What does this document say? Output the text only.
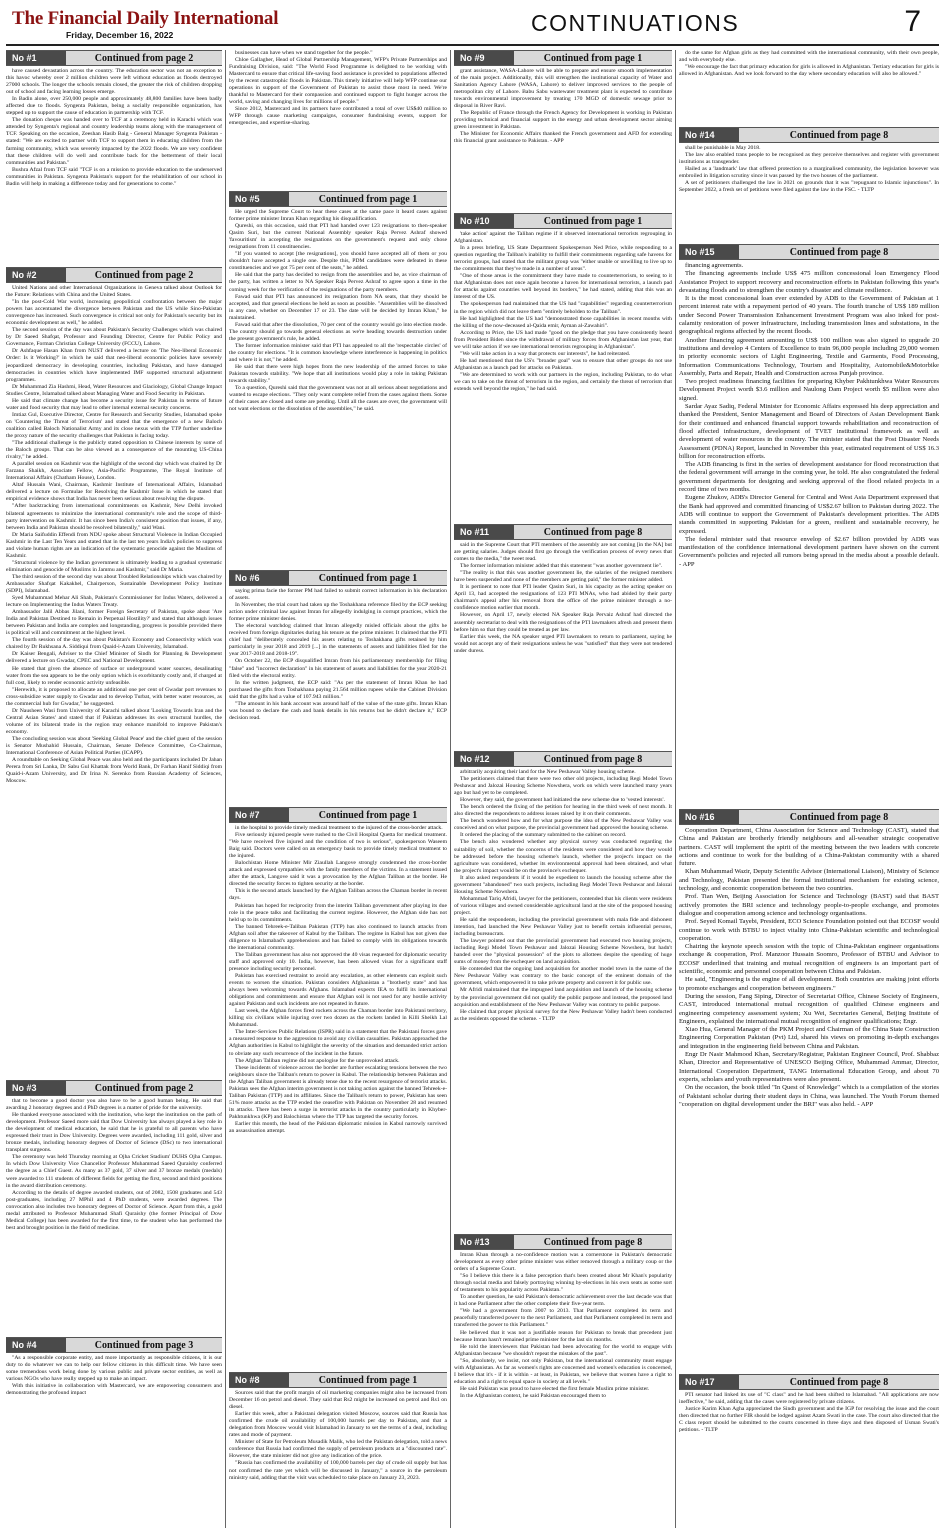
The Financial Daily International
Friday, December 16, 2022	CONTINUATIONS	7
No #1	Continued from page 2

have caused devastation across the country. The education sector was not an exception to this havoc whereby over 2 million children were left without education as floods destroyed 27000 schools. The longer the schools remain closed, the greater the risk of children dropping out of school and facing learning losses emerge.

In Badin alone, over 250,000 people and approximately 48,800 families have been badly affected due to floods. Syngenta Pakistan, being a socially responsible organization, has stepped up to support the cause of education in partnership with TCF.

The donation cheque was handed over to TCF at a ceremony held in Karachi which was attended by Syngenta's regional and country leadership teams along with the management of TCF. Speaking on the occasion, Zeeshan Hasib Baig - General Manager Syngenta Pakistan - stated: "We are excited to partner with TCF to support them in educating children from the farming community, which was severely impacted by the 2022 floods. We are very confident that these children will do well and contribute back for the betterment of their local communities and Pakistan."

Bushra Afzal from TCF said "TCF is on a mission to provide education to the underserved communities in Pakistan. Syngenta Pakistan's support for the rehabilitation of our school in Badin will help in making a difference today and for generations to come."

No #2	Continued from page 2

United Nations and other International Organizations in Geneva talked about Outlook for the Future: Relations with China and the United States.

"In the post-Cold War world, increasing geopolitical confrontation between the major powers has accentuated the divergence between Pakistan and the US while Sino-Pakistan convergence has increased. Such convergence is critical not only for Pakistan's security but its economic development as well," he added.

The second session of the day was about Pakistan's Security Challenges which was chaired by Dr Saeed Shafqat, Professor and Founding Director, Centre for Public Policy and Governance, Forman Christian College University (FCCU), Lahore.

Dr Ashfaque Hasan Khan from NUST delivered a lecture on 'The Neo-liberal Economic Order: Is it Working?' in which he said that neo-liberal economic policies have severely jeopardized democracy in developing countries, including Pakistan, and have damaged democracies in countries which have implemented IMF supported structural adjustment programmes.

Dr Muhammad Zia Hashmi, Head, Water Resources and Glaciology, Global Change Impact Studies Centre, Islamabad talked about Managing Water and Food Security in Pakistan.

He said that climate change has become a security issue for Pakistan in terms of future water and food security that may lead to other internal external security concerns.

Imtiaz Gul, Executive Director, Centre for Research and Security Studies, Islamabad spoke on 'Countering the Threat of Terrorism' and stated that the emergence of a new Baloch coalition called Baloch Nationalist Army and its close nexus with the TTP further underline the proxy nature of the security challenges that Pakistan is facing today.

"The additional challenge is the publicly stated opposition to Chinese interests by some of the Baloch groups. That can be also viewed as a consequence of the mounting US-China rivalry," he added.

A parallel session on Kashmir was the highlight of the second day which was chaired by Dr Farzana Shaikh, Associate Fellow, Asia-Pacific Programme, The Royal Institute of International Affairs (Chatham House), London.

Altaf Hussain Wani, Chairman, Kashmir Institute of International Affairs, Islamabad delivered a lecture on Formulae for Resolving the Kashmir Issue in which he stated that empirical evidence shows that India has never been serious about resolving the dispute.

"After backtracking from international commitments on Kashmir, New Delhi invoked bilateral agreements to minimize the international community's role and the scope of third-party intervention on Kashmir. It has since been India's consistent position that issues, if any, between India and Pakistan should be resolved bilaterally," said Wani.

Dr Maria Saifuddin Effendi from NDU spoke about Structural Violence in Indian Occupied Kashmir in the Last Ten Years and stated that in the last ten years India's policies to suppress and violate human rights are an indication of the systematic genocide against the Muslims of Kashmir.

"Structural violence by the Indian government is ultimately leading to a gradual systematic elimination and genocide of Muslims in Jammu and Kashmir," said Dr Maria.

The third session of the second day was about Troubled Relationships which was chaired by Ambassador Shafqat Kakakhel, Chairperson, Sustainable Development Policy Institute (SDPI), Islamabad.

Syed Muhammad Mehar Ali Shah, Pakistan's Commissioner for Indus Waters, delivered a lecture on Implementing the Indus Waters Treaty.

Ambassador Jalil Abbas Jilani, former Foreign Secretary of Pakistan, spoke about 'Are India and Pakistan Destined to Remain in Perpetual Hostility?' and stated that although issues between Pakistan and India are complex and longstanding, progress is possible provided there is political will and commitment at the highest level.

The fourth session of the day was about Pakistan's Economy and Connectivity which was chaired by Dr Rukhsana A. Siddiqui from Quaid-i-Azam University, Islamabad.

Dr Kaiser Bengali, Adviser to the Chief Minister of Sindh for Planning & Development delivered a lecture on Gwadar, CPEC and National Development.

He stated that given the absence of surface or underground water sources, desalinating water from the sea appears to be the only option which is exorbitantly costly and, if charged at full cost, likely to render economic activity unfeasible.

"Herewith, it is proposed to allocate an additional one per cent of Gwadar port revenues to cross-subsidize water supply to Gwadar and to develop Turbat, with better water resources, as the commercial hub for Gwadar," he suggested.

Dr Nausheen Wasi from University of Karachi talked about 'Looking Towards Iran and the Central Asian States' and stated that if Pakistan addresses its own structural hurdles, the volume of its bilateral trade in the region may enhance manifold to improve Pakistan's economy.

The concluding session was about 'Seeking Global Peace' and the chief guest of the session is Senator Mushahid Hussain, Chairman, Senate Defence Committee, Co-Chairman, International Conference of Asian Political Parties (ICAPP).

A roundtable on Seeking Global Peace was also held and the participants included Dr Jahan Perera from Sri Lanka, Dr Sabu Gul Khattak from World Bank, Dr Farhan Hanif Siddiqi from Quaid-i-Azam University, and Dr Irina N. Serenko from Russian Academy of Sciences, Moscow.

No #3	Continued from page 2

that to become a good doctor you also have to be a good human being. He said that awarding 2 honorary degrees and 4 PhD degrees is a matter of pride for the university.

He thanked everyone associated with the institution, who kept the institution on the path of development. Professor Saeed more said that Dow University has always played a key role in the development of medical education, he said that he is grateful to all parents who have expressed their trust in Dow University. Degrees were awarded, including 111 gold, silver and bronze medals, including honorary degrees of Doctor of Science (DSc) to two international transplant surgeons.

The ceremony was held Thursday morning at Ojha Cricket Stadium' DUHS Ojha Campus. In which Dow University Vice Chancellor Professor Muhammad Saeed Quraishy conferred the degree as a Chief Guest. As many as 37 gold, 37 silver and 37 bronze medals (medals) were awarded to 111 students of different fields for getting the first, second and third positions in the award distribution ceremony.

According to the details of degree awarded students, out of 2082, 1508 graduates and 543 post-graduates, including 27 MPhil and 4 PhD students, were awarded degrees. The convocation also includes two honorary degrees of Doctor of Science. Apart from this, a gold medal attributed to Professor Muhammad Shafi Quraishy (the former Principal of Dow Medical College) has been awarded for the first time, to the student who has performed the best and brought position in the field of medicine.

No #4	Continued from page 3

"As a responsible corporate entity, and more importantly as responsible citizens, it is our duty to do whatever we can to help our fellow citizens in this difficult time. We have seen some tremendous work being done by various public and private sector entities, as well as various NGOs who have really stepped up to make an impact.

With this initiative in collaboration with Mastercard, we are empowering consumers and demonstrating the profound impact

businesses can have when we stand together for the people."

Chloe Gallagher, Head of Global Partnership Management, WFP's Private Partnerships and Fundraising Division, said: "The World Food Programme is delighted to be working with Mastercard to ensure that critical life-saving food assistance is provided to populations affected by the recent catastrophic floods in Pakistan. This timely initiative will help WFP continue our operations in support of the Government of Pakistan to assist those most in need. We're thankful to Mastercard for their compassion and continued support to fight hunger across the world, saving and changing lives for millions of people."

Since 2012, Mastercard and its partners have contributed a total of over US$40 million to WFP through cause marketing campaigns, consumer fundraising events, support for emergencies, and expertise-sharing.

No #5	Continued from page 1

He urged the Supreme Court to hear these cases at the same pace it heard cases against former prime minister Imran Khan regarding his disqualification.

Qureshi, on this occasion, said that PTI had handed over 123 resignations to then-speaker Qasim Suri, but the current National Assembly speaker Raja Pervez Ashraf showed 'favouritism' in accepting the resignations on the government's request and only chose resignations from 11 constituencies.

"If you wanted to accept [the resignations], you should have accepted all of them or you shouldn't have accepted a single one. Despite this, PDM candidates were defeated in these constituencies and we got 75 per cent of the seats," he added.

He said that the party has decided to resign from the assemblies and he, as vice chairman of the party, has written a letter to NA Speaker Raja Pervez Ashraf to agree upon a time in the coming week for the verification of the resignations of the party members.

Fawad said that PTI has announced its resignation from NA seats, that they should be accepted, and that general elections be held as soon as possible. "Assemblies will be dissolved in any case, whether on December 17 or 23. The date will be decided by Imran Khan," he maintained.

Fawad said that after the dissolution, 70 per cent of the country would go into election mode. The country should go towards general elections as we're heading towards destruction under the present government's rule, he added.

The former information minister said that PTI has appealed to all the 'respectable circles' of the country for elections. "It is common knowledge where interference is happening in politics and where it is not," he added.

He said that there were high hopes from the new leadership of the armed forces to take Pakistan towards stability. "We hope that all institutions would play a role in taking Pakistan towards stability."

To a question, Qureshi said that the government was not at all serious about negotiations and wanted to escape elections. "They only want complete relief from the cases against them. Some of their cases are closed and some are pending. Until all the cases are over, the government will not want elections or the dissolution of the assemblies," he said.

No #6	Continued from page 1

saying prima facie the former PM had failed to submit correct information in his declaration of assets.

In November, the trial court had taken up the Toshakhana reference filed by the ECP seeking action under criminal law against Imran for allegedly indulging in corrupt practices, which the former prime minister denies.

The electoral watchdog claimed that Imran allegedly misled officials about the gifts he received from foreign dignitaries during his tenure as the prime minister. It claimed that the PTI chief had "deliberately concealed his assets relating to Toshakhana gifts retained by him particularly in year 2018 and 2019 [...] in the statements of assets and liabilities filed for the year 2017-2018 and 2018-19".

On October 22, the ECP disqualified Imran from his parliamentary membership for filing "false" and "incorrect declaration" in his statement of assets and liabilities for the year 2020-21 filed with the electoral entity.

In the written judgment, the ECP said: "As per the statement of Imran Khan he had purchased the gifts from Toshakhana paying 21.564 million rupees while the Cabinet Division said that the gifts had a value of 107.943 million."

"The amount in his bank account was around half of the value of the state gifts. Imran Khan was bound to declare the cash and bank details in his returns but he didn't declare it," ECP decision read.

No #7	Continued from page 1

in the hospital to provide timely medical treatment to the injured of the cross-border attack.

Five seriously injured people were rushed to the Civil Hospital Quetta for medical treatment. "We have received five injured and the condition of two is serious", spokesperson Waseem Baig said. Doctors were called on an emergency basis to provide timely medical treatment to the injured.

Balochistan Home Minister Mir Ziaullah Langove strongly condemned the cross-border attack and expressed sympathies with the family members of the victims. In a statement issued after the attack, Langove said it was a provocation by the Afghan Taliban at the border. He directed the security forces to tighten security at the border.

This is the second attack launched by the Afghan Taliban across the Chaman border in recent days.

Pakistan has hoped for reciprocity from the interim Taliban government after playing its due role in the peace talks and facilitating the current regime. However, the Afghan side has not held up to its commitments.

The banned Tehreek-e-Taliban Pakistan (TTP) has also continued to launch attacks from Afghan soil after the takeover of Kabul by the Taliban. The regime in Kabul has not given due diligence to Islamabad's apprehensions and has failed to comply with its obligations towards the international community.

The Taliban government has also not approved the 40 visas requested for diplomatic security staff and approved only 10. India, however, has been allowed visas for a significant staff presence including security personnel.

Pakistan has exercised restraint to avoid any escalation, as other elements can exploit such events to worsen the situation. Pakistan considers Afghanistan a "brotherly state" and has always been welcoming towards Afghans. Islamabad expects IEA to fulfil its international obligations and commitments and ensure that Afghan soil is not used for any hostile activity against Pakistan and such incidents are not repeated in future.

Last week, the Afghan forces fired rockets across the Chaman border into Pakistani territory, killing six civilians while injuring over two dozen as the rockets landed in Killi Sheikh Lal Muhammad.

The Inter-Services Public Relations (ISPR) said in a statement that the Pakistani forces gave a measured response to the aggression to avoid any civilian casualties. Pakistan approached the Afghan authorities in Kabul to highlight the severity of the situation and demanded strict action to obviate any such recurrence of the incident in the future.

The Afghan Taliban regime did not apologise for the unprovoked attack.

These incidents of violence across the border are further escalating tensions between the two neighbours since the Taliban's return to power in Kabul. The relationship between Pakistan and the Afghan Taliban government is already tense due to the recent resurgence of terrorist attacks. Pakistan sees the Afghan interim government is not taking action against the banned Tehreek-e-Taliban Pakistan (TTP) and its affiliates. Since the Taliban's return to power, Pakistan has seen 51% more attacks as the TTP ended the ceasefire with Pakistan on November 28 and resumed its attacks. There has been a surge in terrorist attacks in the country particularly in Khyber-Pakhtunkhwa (KP) and Balochistan where the TTP has targeted the security forces.

Earlier this month, the head of the Pakistan diplomatic mission in Kabul narrowly survived an assassination attempt.

No #8	Continued from page 1

Sources said that the profit margin of oil marketing companies might also be increased from December 16 on petrol and diesel. They said that Rs2 might be increased on petrol and Rs1 on diesel.

Earlier this week, after a Pakistani delegation visited Moscow, sources said that Russia has confirmed the crude oil availability of 100,000 barrels per day to Pakistan, and that a delegation from Moscow would visit Islamabad in January to set the terms of a deal, including rates and mode of payment.

Minister of State for Petroleum Musadik Malik, who led the Pakistan delegation, told a news conference that Russia had confirmed the supply of petroleum products at a "discounted rate". However, the state minister did not give any indication of the price.

"Russia has confirmed the availability of 100,000 barrels per day of crude oil supply but has not confirmed the rate yet which will be discussed in January," a source in the petroleum ministry said, adding that the visit was scheduled to take place on January 23, 2023.

No #9	Continued from page 1

grant assistance, WASA-Lahore will be able to prepare and ensure smooth implementation of the main project. Additionally, this will strengthen the institutional capacity of Water and Sanitation Agency Lahore (WASA, Lahore) to deliver improved services to the people of metropolitan city of Lahore. Babu Sabu wastewater treatment plant is expected to contribute towards environmental improvement by treating 170 MGD of domestic sewage prior to disposal in River Ravi.

The Republic of France through the French Agency for Development is working in Pakistan providing technical and financial support in the energy and urban development sector aiming green investment in Pakistan.

The Minister for Economic Affairs thanked the French government and AFD for extending this financial grant assistance to Pakistan. - APP

No #10	Continued from page 1

'take action' against the Taliban regime if it observed international terrorists regrouping in Afghanistan.

In a press briefing, US State Department Spokesperson Ned Price, while responding to a question regarding the Taliban's inability to fulfill their commitments regarding safe havens for terrorist groups, had stated that the militant group was "either unable or unwilling to live up to the commitments that they've made in a number of areas".

"One of those areas is the commitment they have made to counterterrorism, to seeing to it that Afghanistan does not once again become a haven for international terrorists, a launch pad for attacks against countries well beyond its borders," he had stated, adding that this was an interest of the US.

The spokesperson had maintained that the US had "capabilities" regarding counterterrorism in the region which did not leave them "entirely beholden to the Taliban".

He had highlighted that the US had "demonstrated those capabilities in recent months with the killing of the now-deceased al-Qaida emir, Ayman al-Zawahiri".

According to Price, the US had made "good on the pledge that you have consistently heard from President Biden since the withdrawal of military forces from Afghanistan last year, that we will take action if we see international terrorists regrouping in Afghanistan".

"We will take action in a way that protects our interests", he had reiterated.

He had mentioned that the US's "broader goal" was to ensure that other groups do not use Afghanistan as a launch pad for attacks on Pakistan.

"We are determined to work with our partners in the region, including Pakistan, to do what we can to take on the threat of terrorism in the region, and certainly the threat of terrorism that extends well beyond the region," he had said.

No #11	Continued from page 8

said in the Supreme Court that PTI members of the assembly are not coming [in the NA] but are getting salaries. Judges should first go through the verification process of every news that comes to the media," the tweet read.

The former information minister added that this statement "was another government lie".

"The reality is that this was another government lie, the salaries of the resigned members have been suspended and none of the members are getting paid," the former minister added.

It is pertinent to note that PTI leader Qasim Suri, in his capacity as the acting speaker on April 13, had accepted the resignations of 123 PTI MNAs, who had abided by their party chairman's appeal after his removal from the office of the prime minister through a no-confidence motion earlier that month.

However, on April 17, newly elected NA Speaker Raja Pervaiz Ashraf had directed the assembly secretariat to deal with the resignations of the PTI lawmakers afresh and present them before him so that they could be treated as per law.

Earlier this week, the NA speaker urged PTI lawmakers to return to parliament, saying he would not accept any of their resignations unless he was "satisfied" that they were not tendered under duress.

No #12	Continued from page 8

arbitrarily acquiring their land for the New Peshawar Valley housing scheme.

The petitioners claimed that there were two other old projects, including Regi Model Town Peshawar and Jalozai Housing Scheme Nowshera, work on which were launched many years ago but had yet to be completed.

However, they said, the government had initiated the new scheme due to 'vested interests'.

The bench ordered the fixing of the petition for hearing in the third week of next month. It also directed the respondents to address issues raised by it on their comments.

The bench wondered how and for what purpose the idea of the New Peshawar Valley was conceived and on what purpose, the provincial government had approved the housing scheme.

It ordered the placing of the summary submitted to the cabinet on record.

The bench also wondered whether any physical survey was conducted regarding the suitability of soil, whether the concerns of the residents were considered and how they would be addressed before the housing scheme's launch, whether the project's impact on the agriculture was considered, whether its environmental approval had been obtained, and what the project's impact would be on the province's exchequer.

It also asked respondents if it would be expedient to launch the housing scheme after the government "abandoned" two such projects, including Regi Model Town Peshawar and Jalozai Housing Scheme Nowshera.

Mohammad Tariq Afridi, lawyer for the petitioners, contended that his clients were residents of various villages and owned considerable agricultural land at the site of the proposed housing project.

He said the respondents, including the provincial government with mala fide and dishonest intention, had launched the New Peshawar Valley just to benefit certain influential persons, including bureaucrats.

The lawyer pointed out that the provincial government had executed two housing projects, including Regi Model Town Peshawar and Jalozai Housing Scheme Nowshera, but hadn't handed over the "physical possession" of the plots to allottees despite the spending of huge sums of money from the exchequer on land acquisition.

He contended that the ongoing land acquisition for another model town in the name of the New Peshawar Valley was contrary to the basic concept of the eminent domain of the government, which empowered it to take private property and convert it for public use.

Mr Afridi maintained that the impugned land acquisition and launch of the housing scheme by the provincial government did not qualify the public purpose and instead, the proposed land acquisition and establishment of the New Peshawar Valley was contrary to public purpose.

He claimed that proper physical survey for the New Peshawar Valley hadn't been conducted as the residents opposed the scheme. - TLTP

No #13	Continued from page 8

Imran Khan through a no-confidence motion was a cornerstone in Pakistan's democratic development as every other prime minister was either removed through a military coup or the orders of a Supreme Court.

"So I believe this there is a false perception that's been created about Mr Khan's popularity through social media and falsely portraying winning by-elections in his own seats as some sort of testaments to his popularity across Pakistan."

To another question, he said Pakistan's democratic achievement over the last decade was that it had one Parliament after the other complete their five-year term.

"We had a government from 2007 to 2013. That Parliament completed its term and peacefully transferred power to the next Parliament, and that Parliament completed its term and transferred the power to this Parliament."

He believed that it was not a justifiable reason for Pakistan to break that precedent just because Imran hasn't remained prime minister for the last six months.

He told the interviewers that Pakistan had been advocating for the world to engage with Afghanistan because "we shouldn't repeat the mistakes of the past".

"So, absolutely, we insist, not only Pakistan, but the international community must engage with Afghanistan. As far as women's rights are concerned and women's education is concerned, I believe that it's - if it is within - at least, in Pakistan, we believe that women have a right to education and a right to equal space in society at all levels."

He said Pakistan was proud to have elected the first female Muslim prime minister.

In the Afghanistan context, he said Pakistan encouraged them to

do the same for Afghan girls as they had committed with the international community, with their own people, and with everybody else.

"We encourage the fact that primary education for girls is allowed in Afghanistan. Tertiary education for girls is allowed in Afghanistan. And we look forward to the day where secondary education will also be allowed."

No #14	Continued from page 8

shall be punishable in May 2018.

The law also enabled trans people to be recognised as they perceive themselves and register with government institutions as transgender.

Hailed as a 'landmark' law that offered protection to a marginalised community, the legislation however was embroiled in litigation scrutiny since it was passed by the two houses of the parliament.

A set of petitioners challenged the law in 2021 on grounds that it was "repugnant to Islamic injunctions". In September 2022, a fresh set of petitions were filed against the law in the FSC. - TLTP

No #15	Continued from page 8

financing agreements.

The financing agreements include US$ 475 million concessional loan Emergency Flood Assistance Project to support recovery and reconstruction efforts in Pakistan following this year's devastating floods and to strengthen the country's disaster and climate resilience.

It is the most concessional loan ever extended by ADB to the Government of Pakistan at 1 percent interest rate with a repayment period of 40 years. The fourth tranche of US$ 189 million under Second Power Transmission Enhancement Investment Program was also inked for post-calamity restoration of power infrastructure, including transmission lines and substations, in the geographical regions affected by the recent floods.

Another financing agreement amounting to US$ 100 million was also signed to upgrade 20 institutions and develop 4 Centers of Excellence to train 96,000 people including 29,000 women in priority economic sectors of Light Engineering, Textile and Garments, Food Processing, Information Communications Technology, Tourism and Hospitality, Automobile&Motorbike Assembly, Parts and Repair, Health and Construction across Punjab province.

Two project readiness financing facilities for preparing Khyber Pakhtunkhwa Water Resources Development Project worth $3.6 million and Naulong Dam Project worth $5 million were also signed.

Sardar Ayaz Sadiq, Federal Minister for Economic Affairs expressed his deep appreciation and thanked the President, Senior Management and Board of Directors of Asian Development Bank for their continued and enhanced financial support towards rehabilitation and reconstruction of flood affected infrastructure, development of TVET institutional framework as well as development of water resources in the country. The minister stated that the Post Disaster Needs Assessment (PDNA) Report, launched in November this year, estimated requirement of US$ 16.3 billion for reconstruction efforts.

The ADB financing is first in the series of development assistance for flood reconstruction that the federal government will arrange in the coming year, he told. He also congratulated the federal government departments for designing and seeking approval of the flood related projects in a record time of two months.

Eugene Zhukov, ADB's Director General for Central and West Asia Department expressed that the Bank had approved and committed financing of US$2.67 billion to Pakistan during 2022. The ADB will continue to support the Government of Pakistan's development priorities. The ADB stands committed in supporting Pakistan for a green, resilient and sustainable recovery, he expressed.

The federal minister said that resource envelop of $2.67 billion provided by ADB was manifestation of the confidence international development partners have shown on the current Government's policies and rejected all rumors being spread in the media about a possible default. - APP

No #16	Continued from page 8

Cooperation Department, China Association for Science and Technology (CAST), stated that China and Pakistan are brotherly friendly neighbours and all-weather strategic cooperative partners. CAST will implement the spirit of the meeting between the two leaders with concrete actions and continue to work for the building of a China-Pakistan community with a shared future.

Khan Muhammad Wazir, Deputy Scientific Advisor (International Liaison), Ministry of Science and Technology, Pakistan presented the formal institutional mechanism for existing science, technology, and economic cooperation between the two countries.

Prof. Tian Wen, Beijing Association for Science and Technology (BAST) said that BAST actively promotes the BRI science and technology people-to-people exchange, and promotes dialogue and cooperation among science and technology organisations.

Prof. Seyed Komail Tayebi, President, ECO Science Foundation pointed out that ECOSF would continue to work with BTBU to inject vitality into China-Pakistan scientific and technological cooperation.

Chairing the keynote speech session with the topic of China-Pakistan engineer organisations exchange & cooperation, Prof. Manzoor Hussain Soomro, Professor of BTBU and Advisor to ECOSF underlined that training and mutual recognition of engineers is an important part of scientific, economic and personnel cooperation between China and Pakistan.

He said, "Engineering is the engine of all development. Both countries are making joint efforts to promote exchanges and cooperation between engineers."

During the session, Fang Siping, Director of Secretariat Office, Chinese Society of Engineers, CAST, introduced international mutual recognition of qualified Chinese engineers and engineering competency assessment system; Xu Wei, Secretaries General, Beijing Institute of Engineers, explained the international mutual recognition of engineer qualifications; Engr.

Xiao Hua, General Manager of the PKM Project and Chairman of the China State Construction Engineering Corporation Pakistan (Pvt) Ltd, shared his views on promoting in-depth exchanges and integration in the engineering field between China and Pakistan.

Engr Dr Nasir Mahmood Khan, Secretary/Registrar, Pakistan Engineer Council, Prof. Shabbaz Khan, Director and Representative of UNESCO Beijing Office, Muhammad Ammar, Director, International Cooperation Department, TANG International Education Group, and about 70 experts, scholars and youth representatives were also present.

On the occasion, the book titled "In Quest of Knowledge" which is a compilation of the stories of Pakistani scholar during their student days in China, was launched. The Youth Forum themed "cooperation on digital development under the BRI" was also held. - APP

No #17	Continued from page 8

PTI senator had linked its use of "C class" and he had been shifted to Islamabad. "All applications are now ineffective," he said, adding that the cases were registered by private citizens.

Justice Karim Khan Agha appreciated the Sindh government and the IGP for resolving the issue and the court then directed that no further FIR should be lodged against Azam Swati in the case. The court also directed that the C class report should be submitted to the courts concerned in three days and then disposed of Usman Swati's petitions. - TLTP
